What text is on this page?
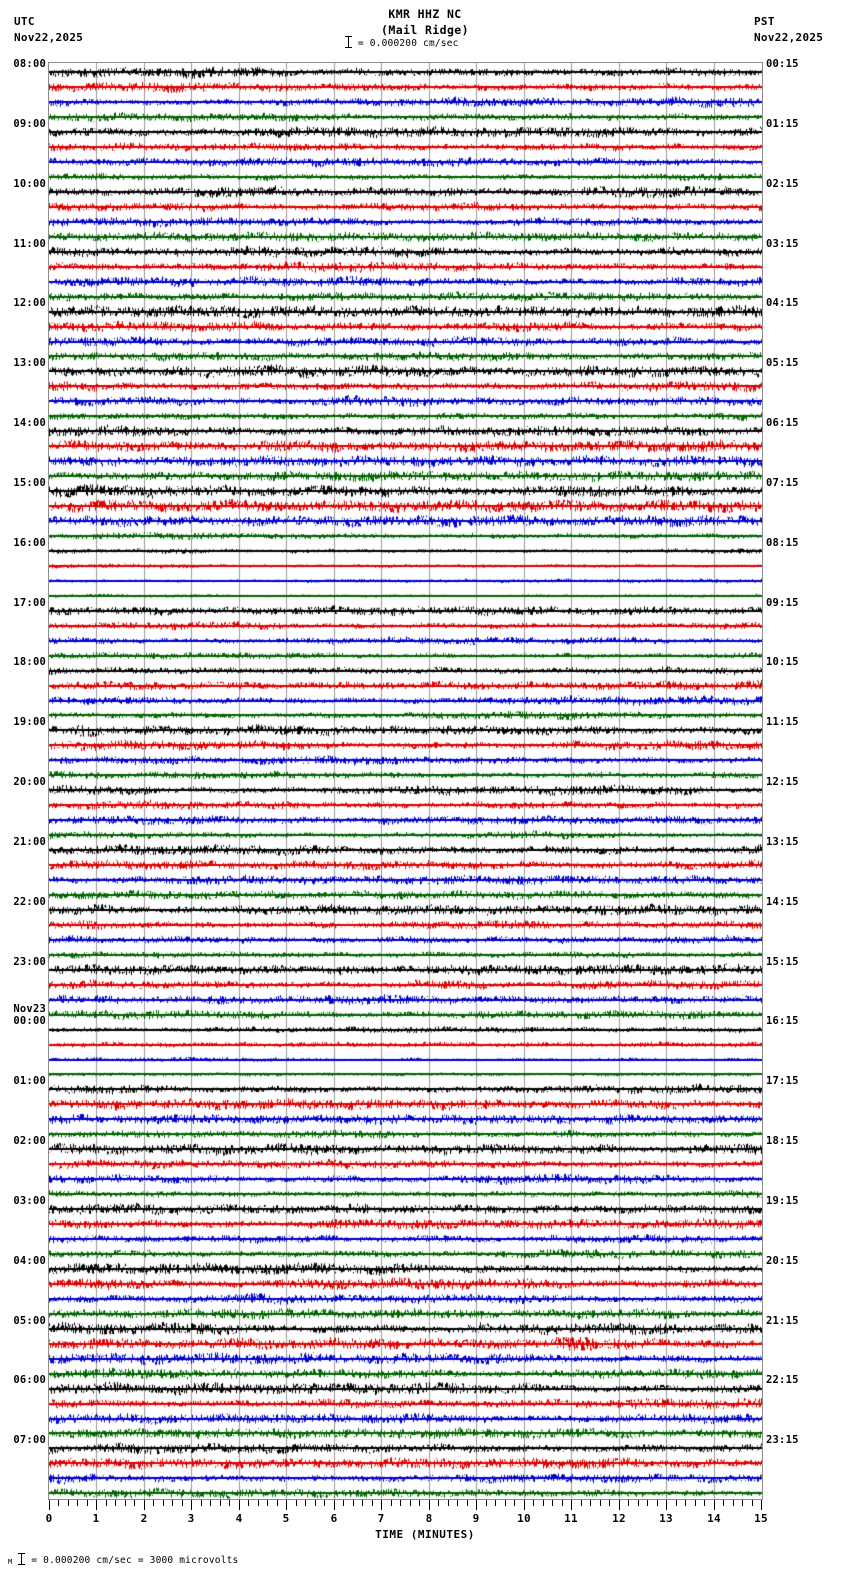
UTC
Nov22,2025
PST
Nov22,2025
KMR HHZ NC
(Mail Ridge)
= 0.000200 cm/sec
08:00
09:00
10:00
11:00
12:00
13:00
14:00
15:00
16:00
17:00
18:00
19:00
20:00
21:00
22:00
23:00
00:00
01:00
02:00
03:00
04:00
05:00
06:00
07:00
00:15
01:15
02:15
03:15
04:15
05:15
06:15
07:15
08:15
09:15
10:15
11:15
12:15
13:15
14:15
15:15
16:15
17:15
18:15
19:15
20:15
21:15
22:15
23:15
Nov23
0	1	2	3	4	5	6	7	8	9	10	11	12	13	14	15
TIME (MINUTES)
M = 0.000200 cm/sec = 3000 microvolts
